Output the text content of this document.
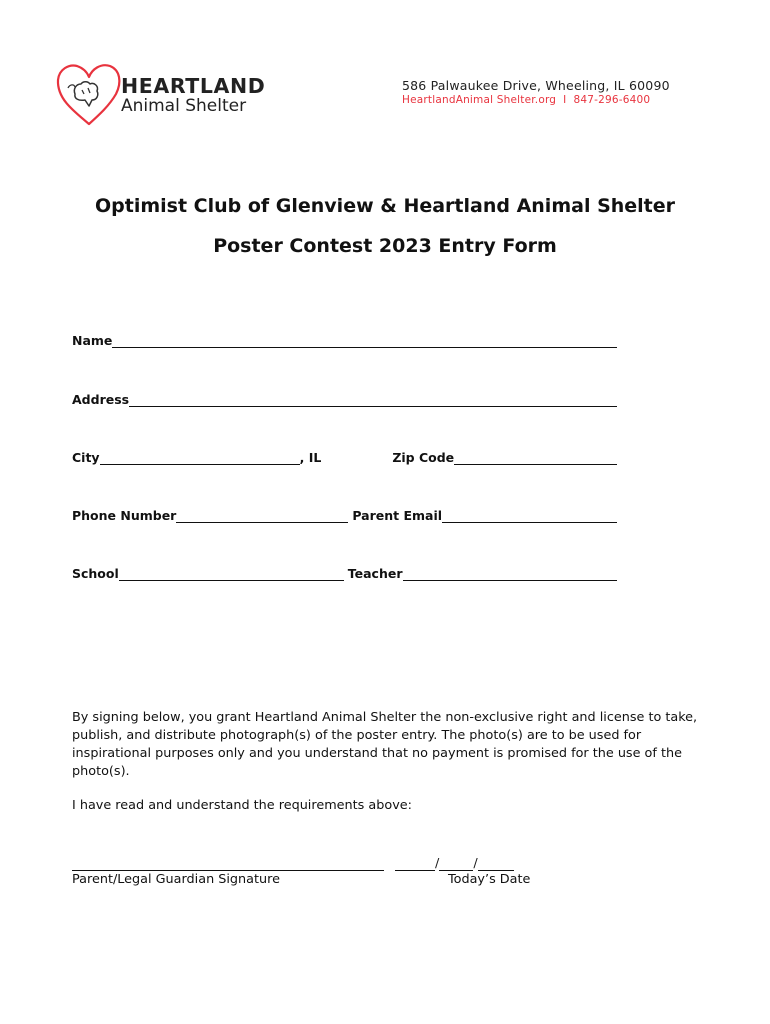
HEARTLAND
Animal Shelter
586 Palwaukee Drive, Wheeling, IL 60090
HeartlandAnimal Shelter.org I 847-296-6400
Optimist Club of Glenview & Heartland Animal Shelter
Poster Contest 2023 Entry Form
Name
Address
City	, IL	Zip Code
Phone Number	Parent Email
School	Teacher

By signing below, you grant Heartland Animal Shelter the non-exclusive right and license to take, publish, and distribute photograph(s) of the poster entry. The photo(s) are to be used for inspirational purposes only and you understand that no payment is promised for the use of the photo(s).

I have read and understand the requirements above:
/	/
Parent/Legal Guardian Signature	Today’s Date
